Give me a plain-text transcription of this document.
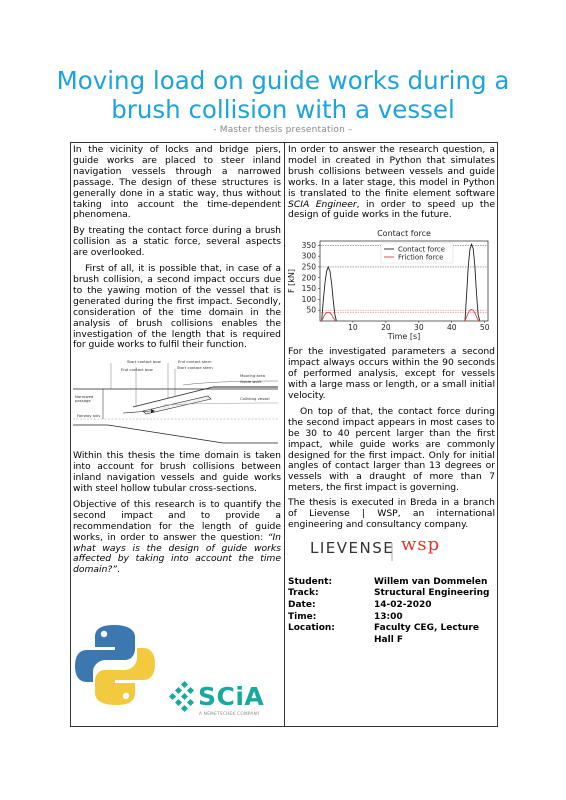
Moving load on guide works during a brush collision with a vessel
- Master thesis presentation –

In the vicinity of locks and bridge piers, guide works are placed to steer inland navigation vessels through a narrowed passage. The design of these structures is generally done in a static way, thus without taking into account the time-dependent phenomena.

By treating the contact force during a brush collision as a static force, several aspects are overlooked.

First of all, it is possible that, in case of a brush collision, a second impact occurs due to the yawing motion of the vessel that is generated during the first impact. Secondly, consideration of the time domain in the analysis of brush collisions enables the investigation of the length that is required for guide works to fulfil their function.

Start contact bow	End contact stern
End contact bow	Start contact stern
Mooring area
Guide work
Narrowed passage	Colliding vessel
Fairway axis

Within this thesis the time domain is taken into account for brush collisions between inland navigation vessels and guide works with steel hollow tubular cross-sections.

Objective of this research is to quantify the second impact and to provide a recommendation for the length of guide works, in order to answer the question: “In what ways is the design of guide works affected by taking into account the time domain?”.

In order to answer the research question, a model in created in Python that simulates brush collisions between vessels and guide works. In a later stage, this model in Python is translated to the finite element software SCIA Engineer, in order to speed up the design of guide works in the future.

50
100
150
200
250
300
350
10	20	30	40	50
Contact force
Time [s]
F [kN]
Contact force
Friction force

For the investigated parameters a second impact always occurs within the 90 seconds of performed analysis, except for vessels with a large mass or length, or a small initial velocity.

On top of that, the contact force during the second impact appears in most cases to be 30 to 40 percent larger than the first impact, while guide works are commonly designed for the first impact. Only for initial angles of contact larger than 13 degrees or vessels with a draught of more than 7 meters, the first impact is governing.

The thesis is executed in Breda in a branch of Lievense | WSP, an international engineering and consultancy company.

LIEVENSE wsp
Student:	Willem van Dommelen
Track:	Structural Engineering
Date:	14-02-2020
Time:	13:00
Location:	Faculty CEG, Lecture Hall F
SCiA
A NEMETSCHEK COMPANY
